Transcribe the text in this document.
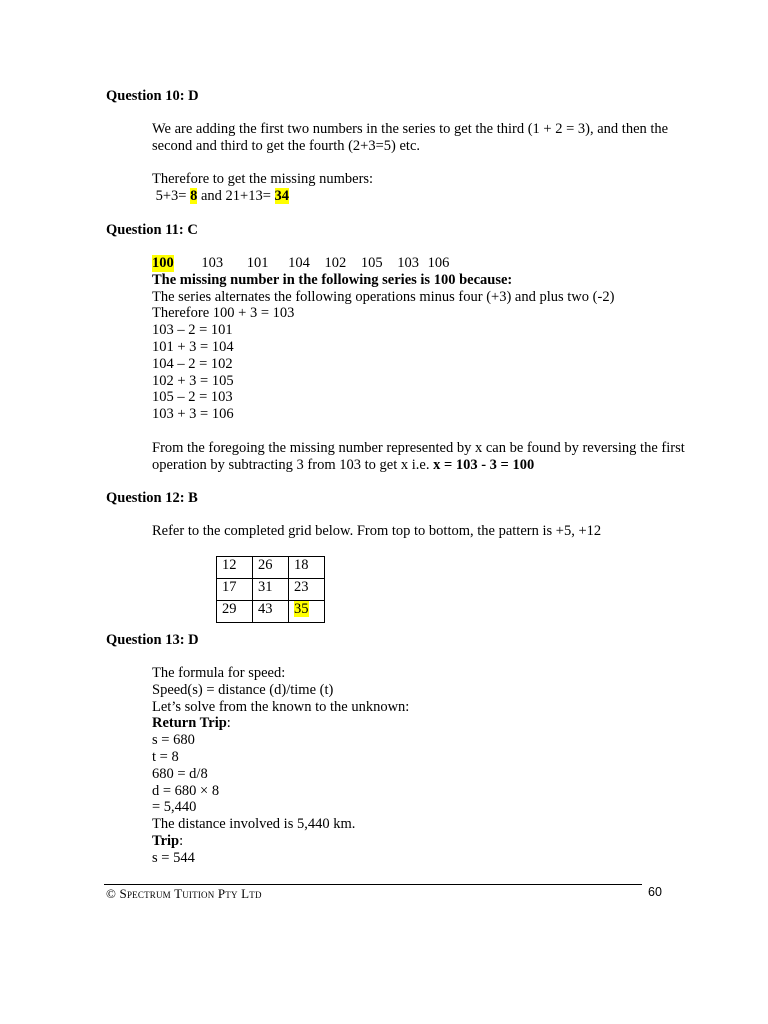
Question 10: D
We are adding the first two numbers in the series to get the third (1 + 2 = 3), and then the
second and third to get the fourth (2+3=5) etc.
Therefore to get the missing numbers:
5+3= 8 and 21+13= 34
Question 11: C
100 103 101 104 102 105 103 106
The missing number in the following series is 100 because:
The series alternates the following operations minus four (+3) and plus two (-2)
Therefore 100 + 3 = 103
103 – 2 = 101
101 + 3 = 104
104 – 2 = 102
102 + 3 = 105
105 – 2 = 103
103 + 3 = 106
From the foregoing the missing number represented by x can be found by reversing the first
operation by subtracting 3 from 103 to get x i.e. x = 103 - 3 = 100
Question 12: B
Refer to the completed grid below. From top to bottom, the pattern is +5, +12
12	26	18
17	31	23
29	43	35
Question 13: D
The formula for speed:
Speed(s) = distance (d)/time (t)
Let’s solve from the known to the unknown:
Return Trip:
s = 680
t = 8
680 = d/8
d = 680 × 8
= 5,440
The distance involved is 5,440 km.
Trip:
s = 544
© Spectrum Tuition Pty Ltd	60
